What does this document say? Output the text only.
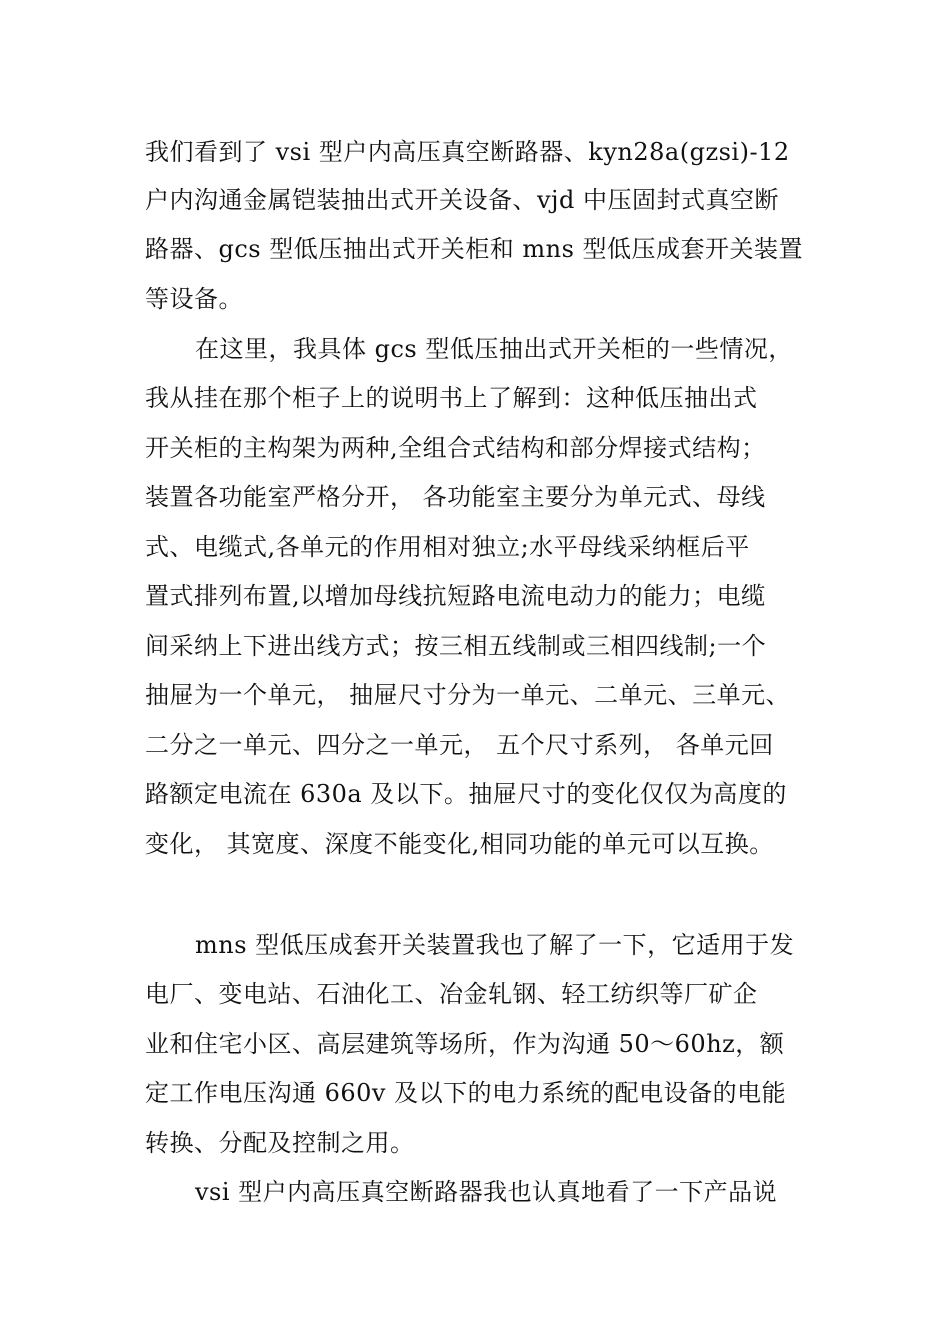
我们看到了 vsi 型户内高压真空断路器、kyn28a(gzsi)-12
户内沟通金属铠装抽出式开关设备、vjd 中压固封式真空断
路器、gcs 型低压抽出式开关柜和 mns 型低压成套开关装置
等设备。
在这里，我具体 gcs 型低压抽出式开关柜的一些情况，
我从挂在那个柜子上的说明书上了解到：这种低压抽出式
开关柜的主构架为两种,全组合式结构和部分焊接式结构；
装置各功能室严格分开， 各功能室主要分为单元式、母线
式、电缆式,各单元的作用相对独立;水平母线采纳框后平
置式排列布置,以增加母线抗短路电流电动力的能力；电缆
间采纳上下进出线方式；按三相五线制或三相四线制;一个
抽屉为一个单元， 抽屉尺寸分为一单元、二单元、三单元、
二分之一单元、四分之一单元， 五个尺寸系列， 各单元回
路额定电流在 630a 及以下。抽屉尺寸的变化仅仅为高度的
变化， 其宽度、深度不能变化,相同功能的单元可以互换。
mns 型低压成套开关装置我也了解了一下，它适用于发
电厂、变电站、石油化工、冶金轧钢、轻工纺织等厂矿企
业和住宅小区、高层建筑等场所，作为沟通 50～60hz，额
定工作电压沟通 660v 及以下的电力系统的配电设备的电能
转换、分配及控制之用。
vsi 型户内高压真空断路器我也认真地看了一下产品说
